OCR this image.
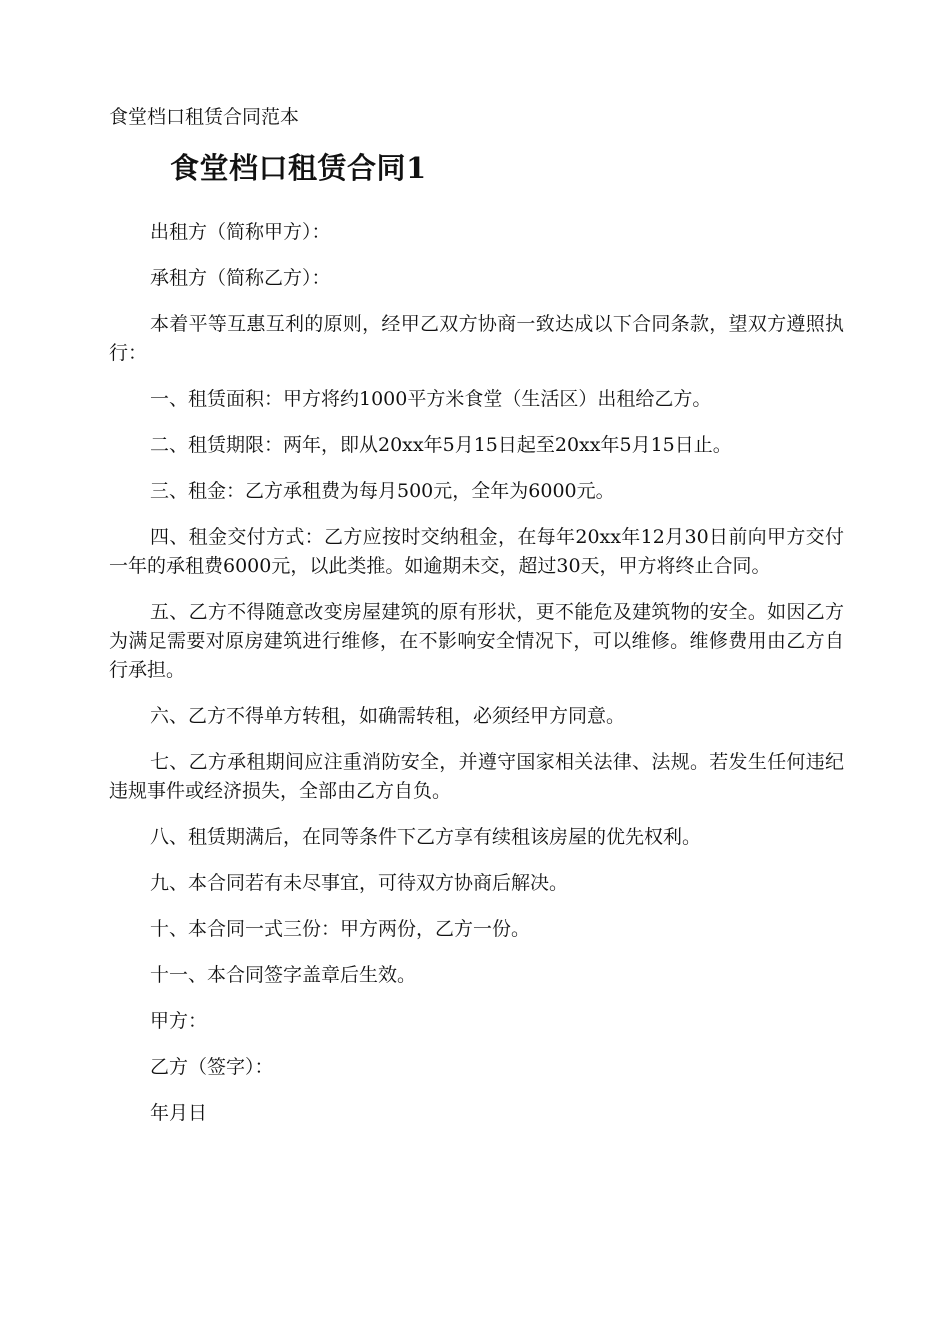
食堂档口租赁合同范本

食堂档口租赁合同1

出租方（简称甲方）：

承租方（简称乙方）：

本着平等互惠互利的原则，经甲乙双方协商一致达成以下合同条款，望双方遵照执行：

一、租赁面积：甲方将约1000平方米食堂（生活区）出租给乙方。

二、租赁期限：两年，即从20xx年5月15日起至20xx年5月15日止。

三、租金：乙方承租费为每月500元，全年为6000元。

四、租金交付方式：乙方应按时交纳租金，在每年20xx年12月30日前向甲方交付一年的承租费6000元，以此类推。如逾期未交，超过30天，甲方将终止合同。

五、乙方不得随意改变房屋建筑的原有形状，更不能危及建筑物的安全。如因乙方为满足需要对原房建筑进行维修，在不影响安全情况下，可以维修。维修费用由乙方自行承担。

六、乙方不得单方转租，如确需转租，必须经甲方同意。

七、乙方承租期间应注重消防安全，并遵守国家相关法律、法规。若发生任何违纪违规事件或经济损失，全部由乙方自负。

八、租赁期满后，在同等条件下乙方享有续租该房屋的优先权利。

九、本合同若有未尽事宜，可待双方协商后解决。

十、本合同一式三份：甲方两份，乙方一份。

十一、本合同签字盖章后生效。

甲方：

乙方（签字）：

年月日
